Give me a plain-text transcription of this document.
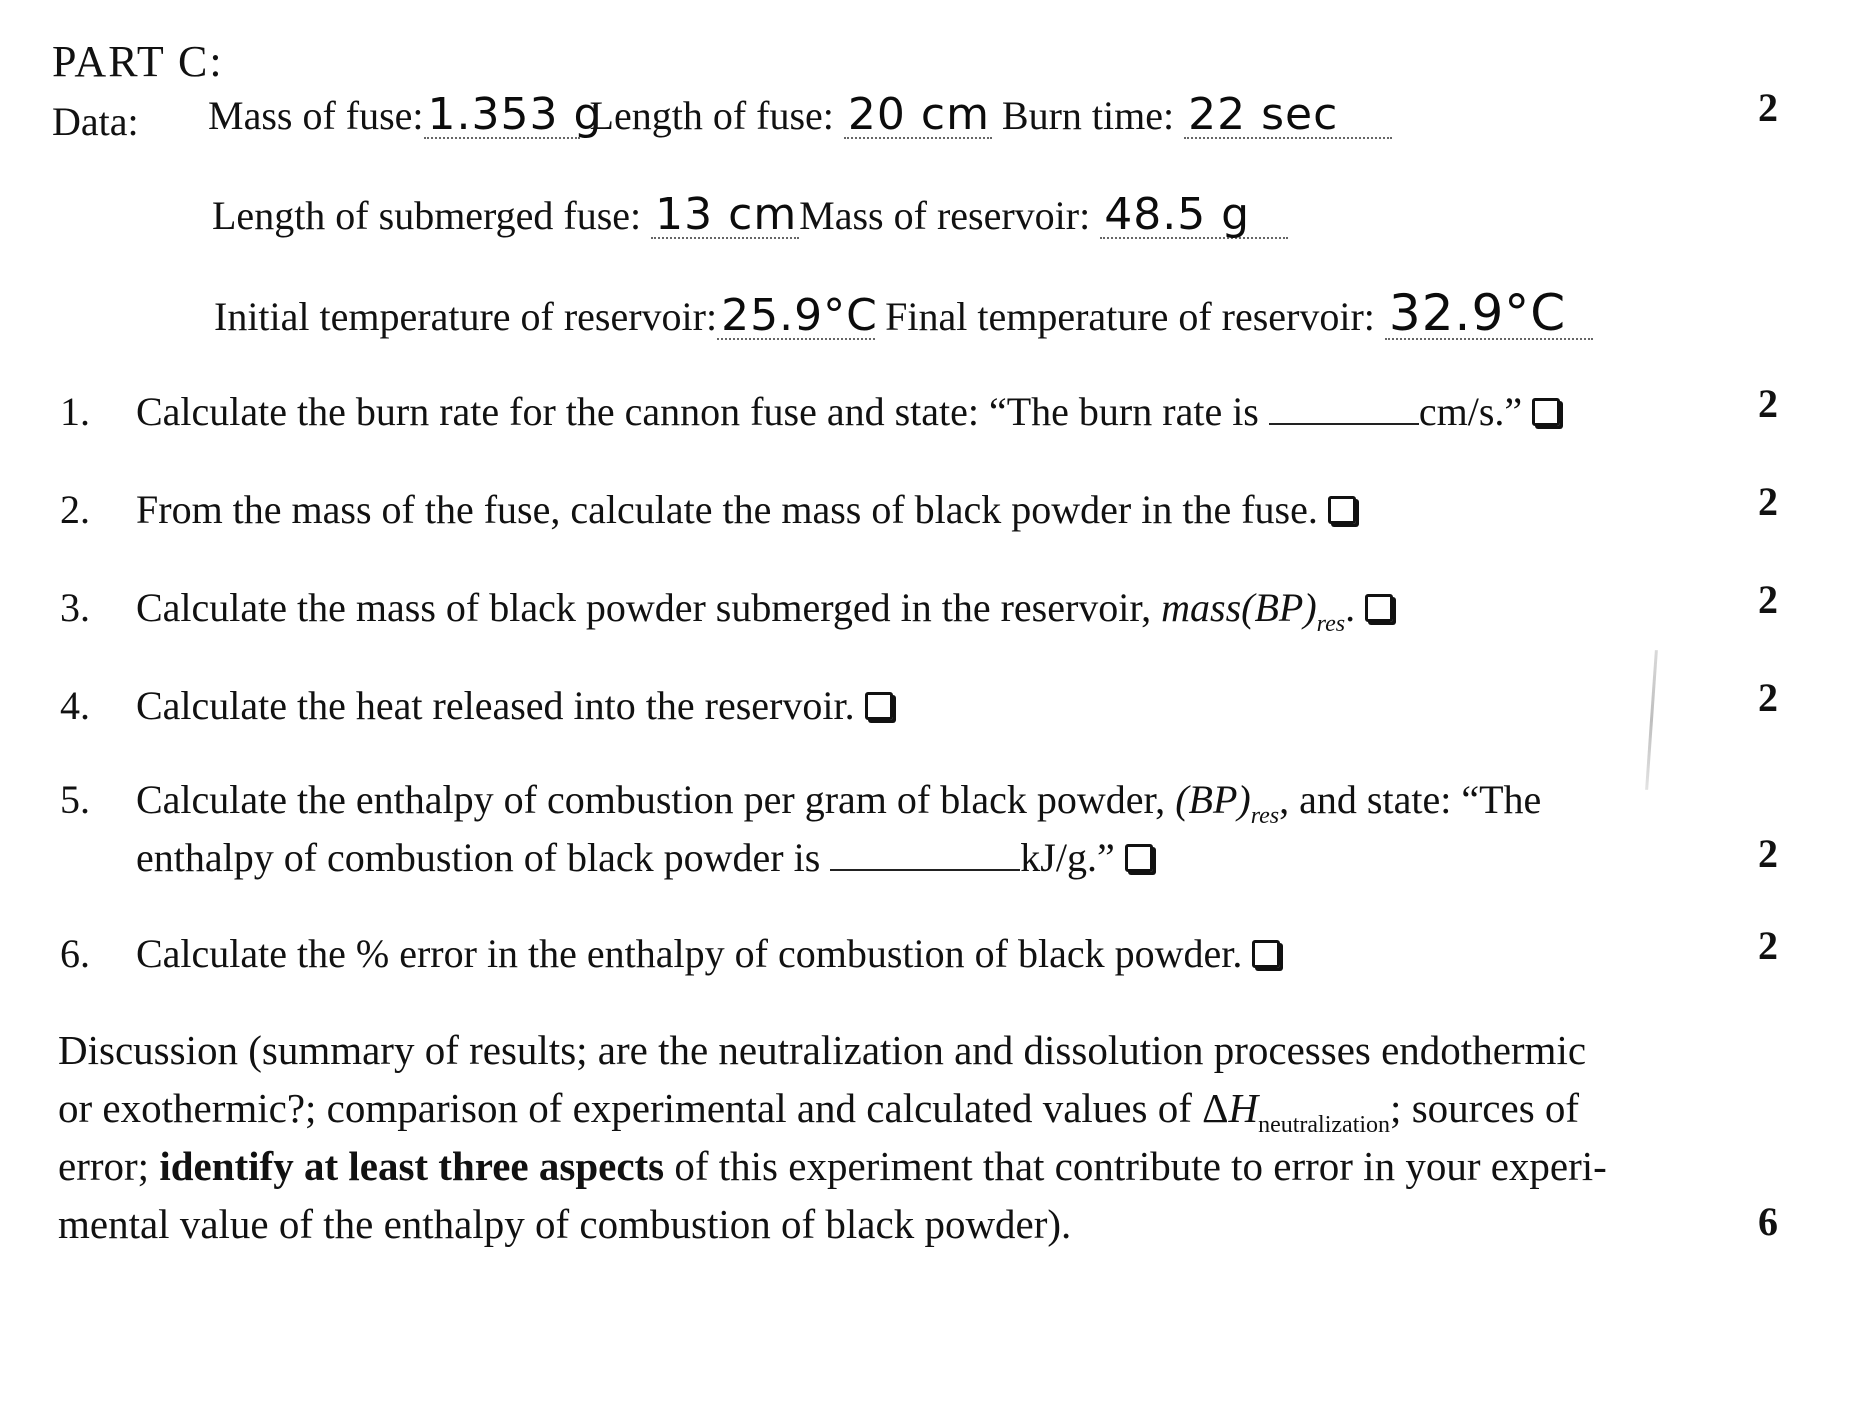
PART C:
Data: Mass of fuse:1.353 g Length of fuse: 20 cm Burn time: 22 sec	2
Length of submerged fuse: 13 cmMass of reservoir: 48.5 g
Initial temperature of reservoir:25.9°C Final temperature of reservoir: 32.9°C
1. Calculate the burn rate for the cannon fuse and state: “The burn rate is	cm/s.”	2
2. From the mass of the fuse, calculate the mass of black powder in the fuse.	2
3. Calculate the mass of black powder submerged in the reservoir, $mass(BP)_{res}$.	2
4. Calculate the heat released into the reservoir.	2
5. Calculate the enthalpy of combustion per gram of black powder, $(BP)_{res}$, and state: “The
enthalpy of combustion of black powder is	kJ/g.”	2
6. Calculate the % error in the enthalpy of combustion of black powder.	2
Discussion (summary of results; are the neutralization and dissolution processes endothermic
or exothermic?; comparison of experimental and calculated values of $\Delta H_{neutralization}$; sources of
error; identify at least three aspects of this experiment that contribute to error in your experi-
mental value of the enthalpy of combustion of black powder).	6
